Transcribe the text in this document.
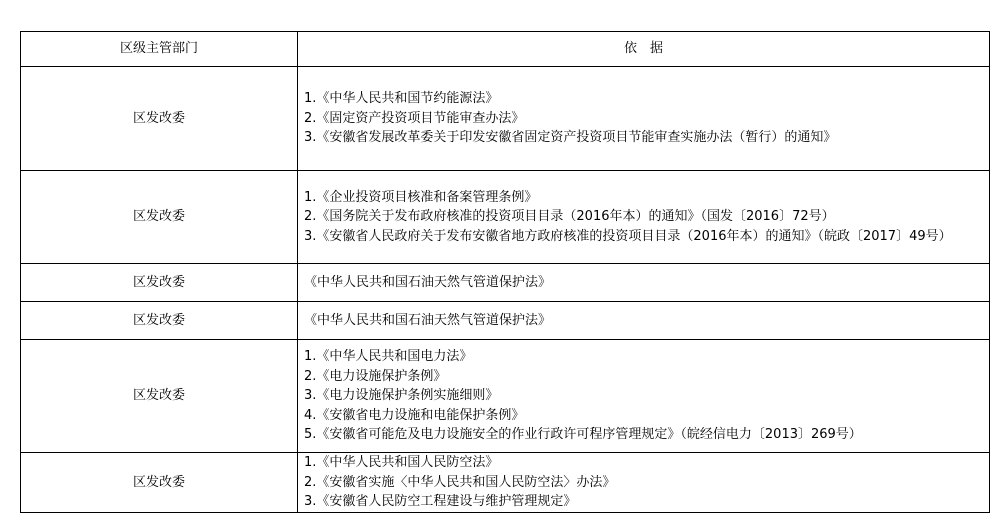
区级主管部门	依　据
区发改委	1.《中华人民共和国节约能源法》
2.《固定资产投资项目节能审查办法》
3.《安徽省发展改革委关于印发安徽省固定资产投资项目节能审查实施办法（暂行）的通知》

区发改委	1.《企业投资项目核准和备案管理条例》
2.《国务院关于发布政府核准的投资项目目录（2016年本）的通知》（国发〔2016〕72号）
3.《安徽省人民政府关于发布安徽省地方政府核准的投资项目目录（2016年本）的通知》（皖政〔2017〕49号）

区发改委	《中华人民共和国石油天然气管道保护法》

区发改委	《中华人民共和国石油天然气管道保护法》

区发改委	1.《中华人民共和国电力法》
2.《电力设施保护条例》
3.《电力设施保护条例实施细则》
4.《安徽省电力设施和电能保护条例》
5.《安徽省可能危及电力设施安全的作业行政许可程序管理规定》（皖经信电力〔2013〕269号）

区发改委	1.《中华人民共和国人民防空法》
2.《安徽省实施〈中华人民共和国人民防空法〉办法》
3.《安徽省人民防空工程建设与维护管理规定》
